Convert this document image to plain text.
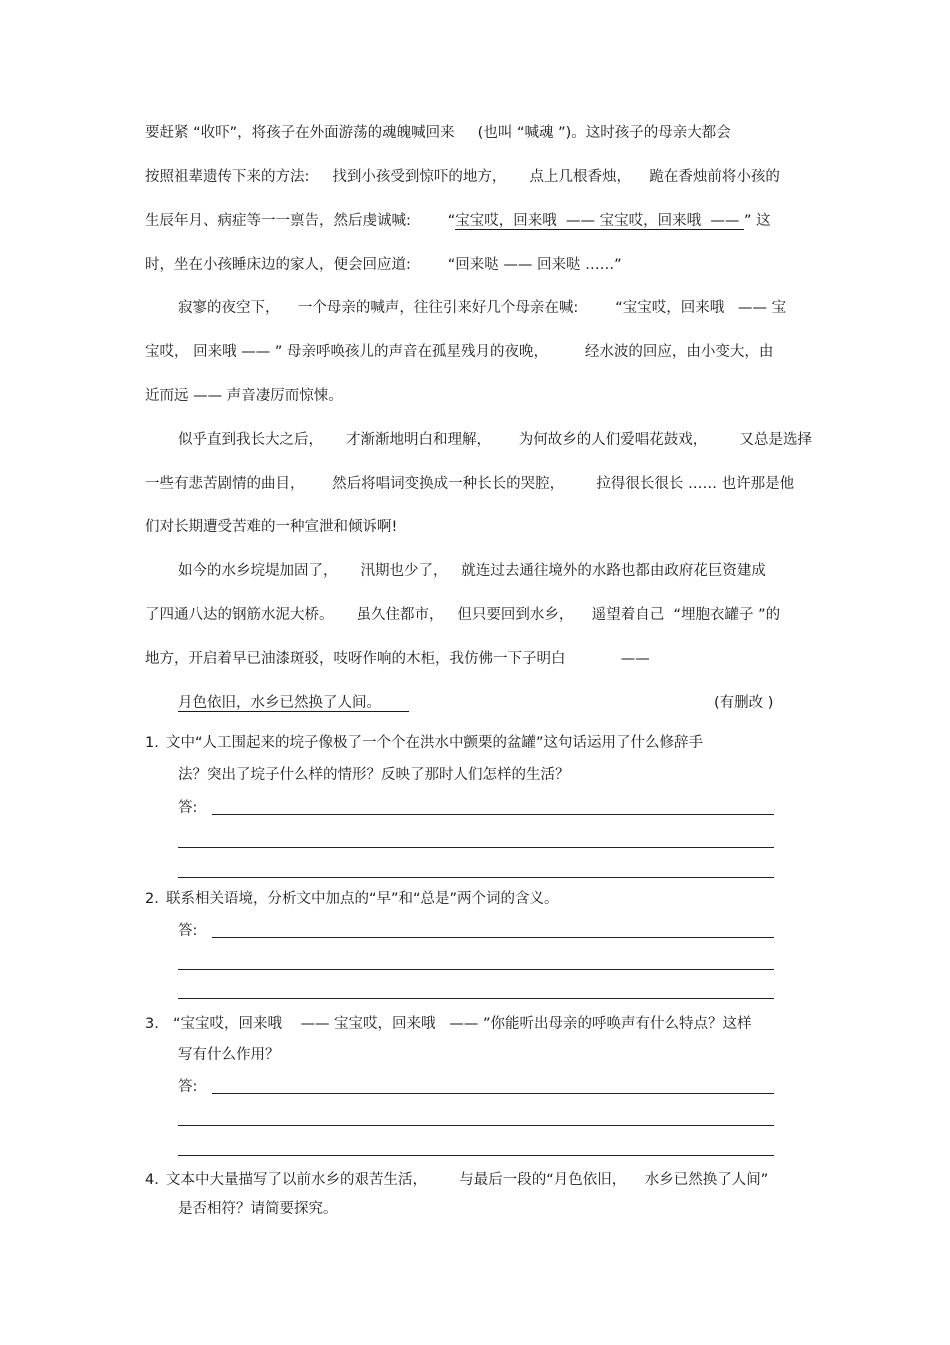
要赶紧 “收吓”，将孩子在外面游荡的魂魄喊回来     (也叫 “喊魂 ”)。这时孩子的母亲大都会
按照祖辈遗传下来的方法:     找到小孩受到惊吓的地方，     点上几根香烛，    跪在香烛前将小孩的
生辰年月、病症等一一禀告，然后虔诚喊:        “宝宝哎，回来哦  —— 宝宝哎，回来哦  —— ” 这
时，坐在小孩睡床边的家人，便会回应道:        “回来哒 —— 回来哒 ……”
寂寥的夜空下，    一个母亲的喊声，往往引来好几个母亲在喊:        “宝宝哎，回来哦   —— 宝
宝哎， 回来哦 —— ” 母亲呼唤孩儿的声音在孤星残月的夜晚，        经水波的回应，由小变大，由
近而远 —— 声音凄厉而惊悚。
似乎直到我长大之后，     才渐渐地明白和理解，      为何故乡的人们爱唱花鼓戏，       又总是选择
一些有悲苦剧情的曲目，      然后将唱词变换成一种长长的哭腔，       拉得很长很长 …… 也许那是他
们对长期遭受苦难的一种宣泄和倾诉啊!
如今的水乡垸堤加固了，     汛期也少了，   就连过去通往境外的水路也都由政府花巨资建成
了四通八达的钢筋水泥大桥。     虽久住都市，   但只要回到水乡，    遥望着自己  “埋胞衣罐子 ”的
地方，开启着早已油漆斑驳，吱呀作响的木柜，我仿佛一下子明白            ——
月色依旧，水乡已然换了人间。	(有删改 )
1. 文中“人工围起来的垸子像极了一个个在洪水中颤栗的盆罐”这句话运用了什么修辞手
法？突出了垸子什么样的情形？反映了那时人们怎样的生活？
答:
2. 联系相关语境，分析文中加点的“早”和“总是”两个词的含义。
答:
3. “宝宝哎，回来哦    —— 宝宝哎，回来哦   —— ”你能听出母亲的呼唤声有什么特点？这样
写有什么作用？
答:
4. 文本中大量描写了以前水乡的艰苦生活，       与最后一段的“月色依旧，    水乡已然换了人间”
是否相符？请简要探究。
